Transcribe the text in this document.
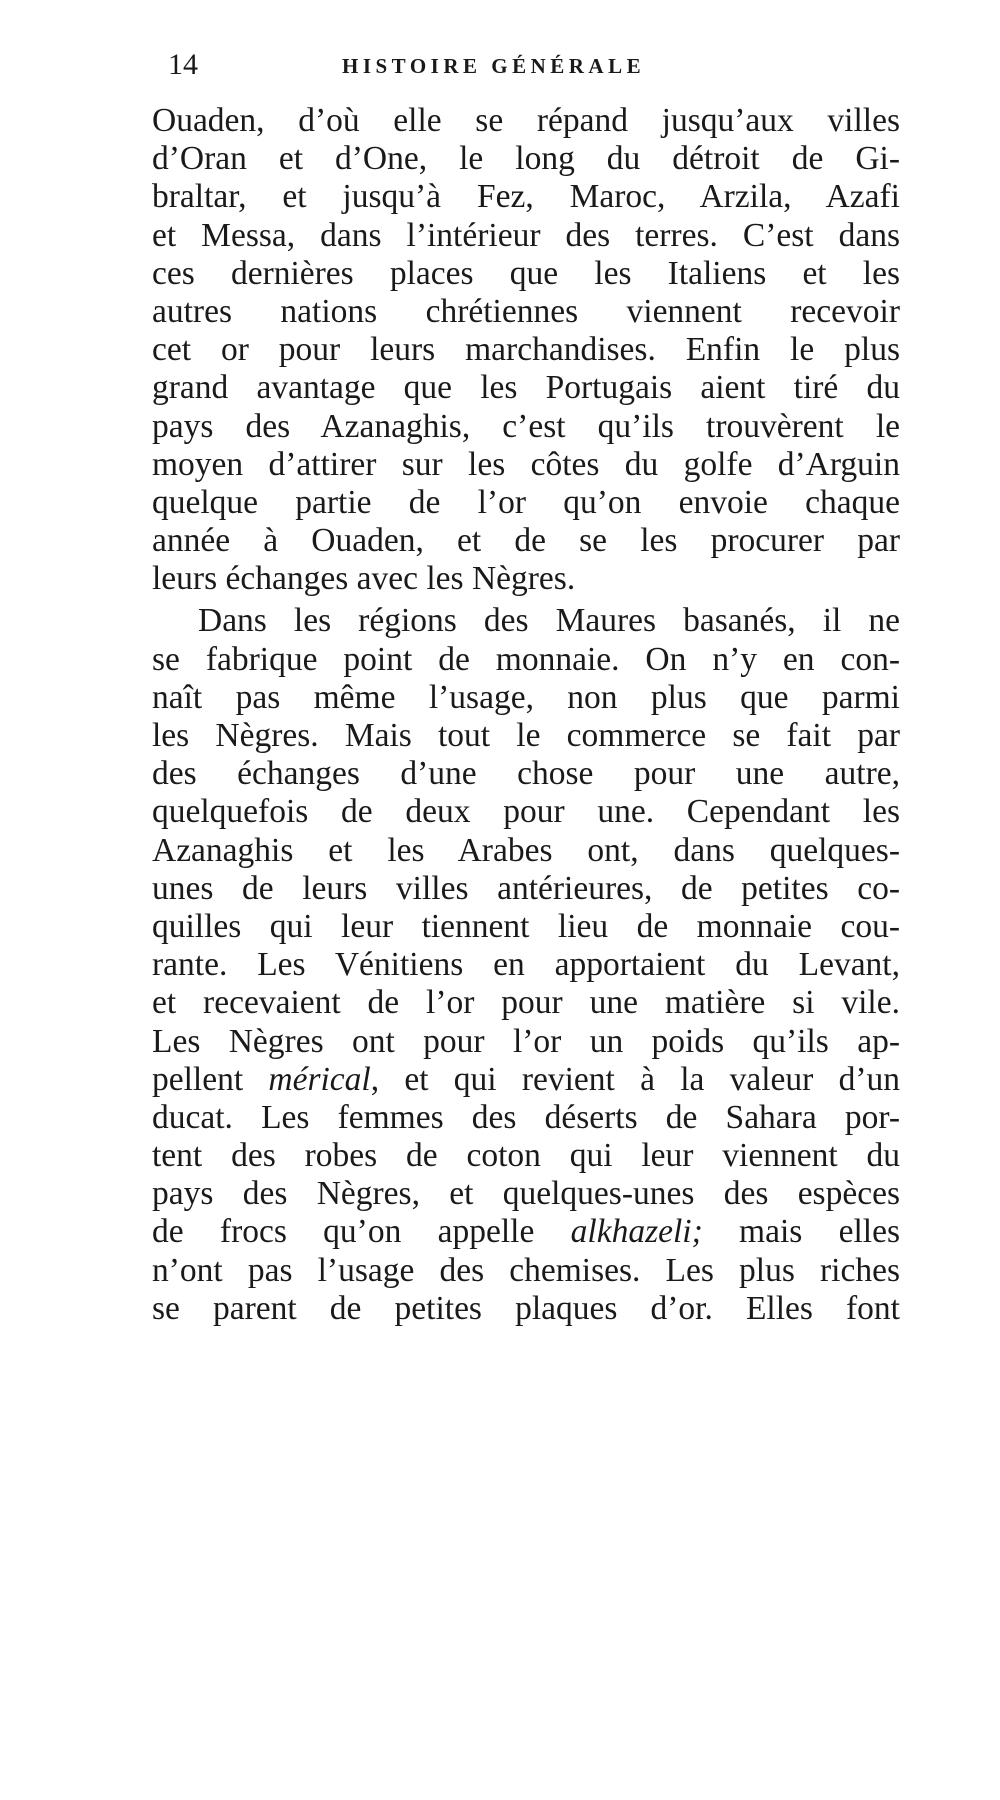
14	HISTOIRE GÉNÉRALE
Ouaden, d’où elle se répand jusqu’aux villes
d’Oran et d’One, le long du détroit de Gi-
braltar, et jusqu’à Fez, Maroc, Arzila, Azafi
et Messa, dans l’intérieur des terres. C’est dans
ces dernières places que les Italiens et les
autres nations chrétiennes viennent recevoir
cet or pour leurs marchandises. Enfin le plus
grand avantage que les Portugais aient tiré du
pays des Azanaghis, c’est qu’ils trouvèrent le
moyen d’attirer sur les côtes du golfe d’Arguin
quelque partie de l’or qu’on envoie chaque
année à Ouaden, et de se les procurer par
leurs échanges avec les Nègres.
Dans les régions des Maures basanés, il ne
se fabrique point de monnaie. On n’y en con-
naît pas même l’usage, non plus que parmi
les Nègres. Mais tout le commerce se fait par
des échanges d’une chose pour une autre,
quelquefois de deux pour une. Cependant les
Azanaghis et les Arabes ont, dans quelques-
unes de leurs villes antérieures, de petites co-
quilles qui leur tiennent lieu de monnaie cou-
rante. Les Vénitiens en apportaient du Levant,
et recevaient de l’or pour une matière si vile.
Les Nègres ont pour l’or un poids qu’ils ap-
pellent mérical, et qui revient à la valeur d’un
ducat. Les femmes des déserts de Sahara por-
tent des robes de coton qui leur viennent du
pays des Nègres, et quelques-unes des espèces
de frocs qu’on appelle alkhazeli; mais elles
n’ont pas l’usage des chemises. Les plus riches
se parent de petites plaques d’or. Elles font
